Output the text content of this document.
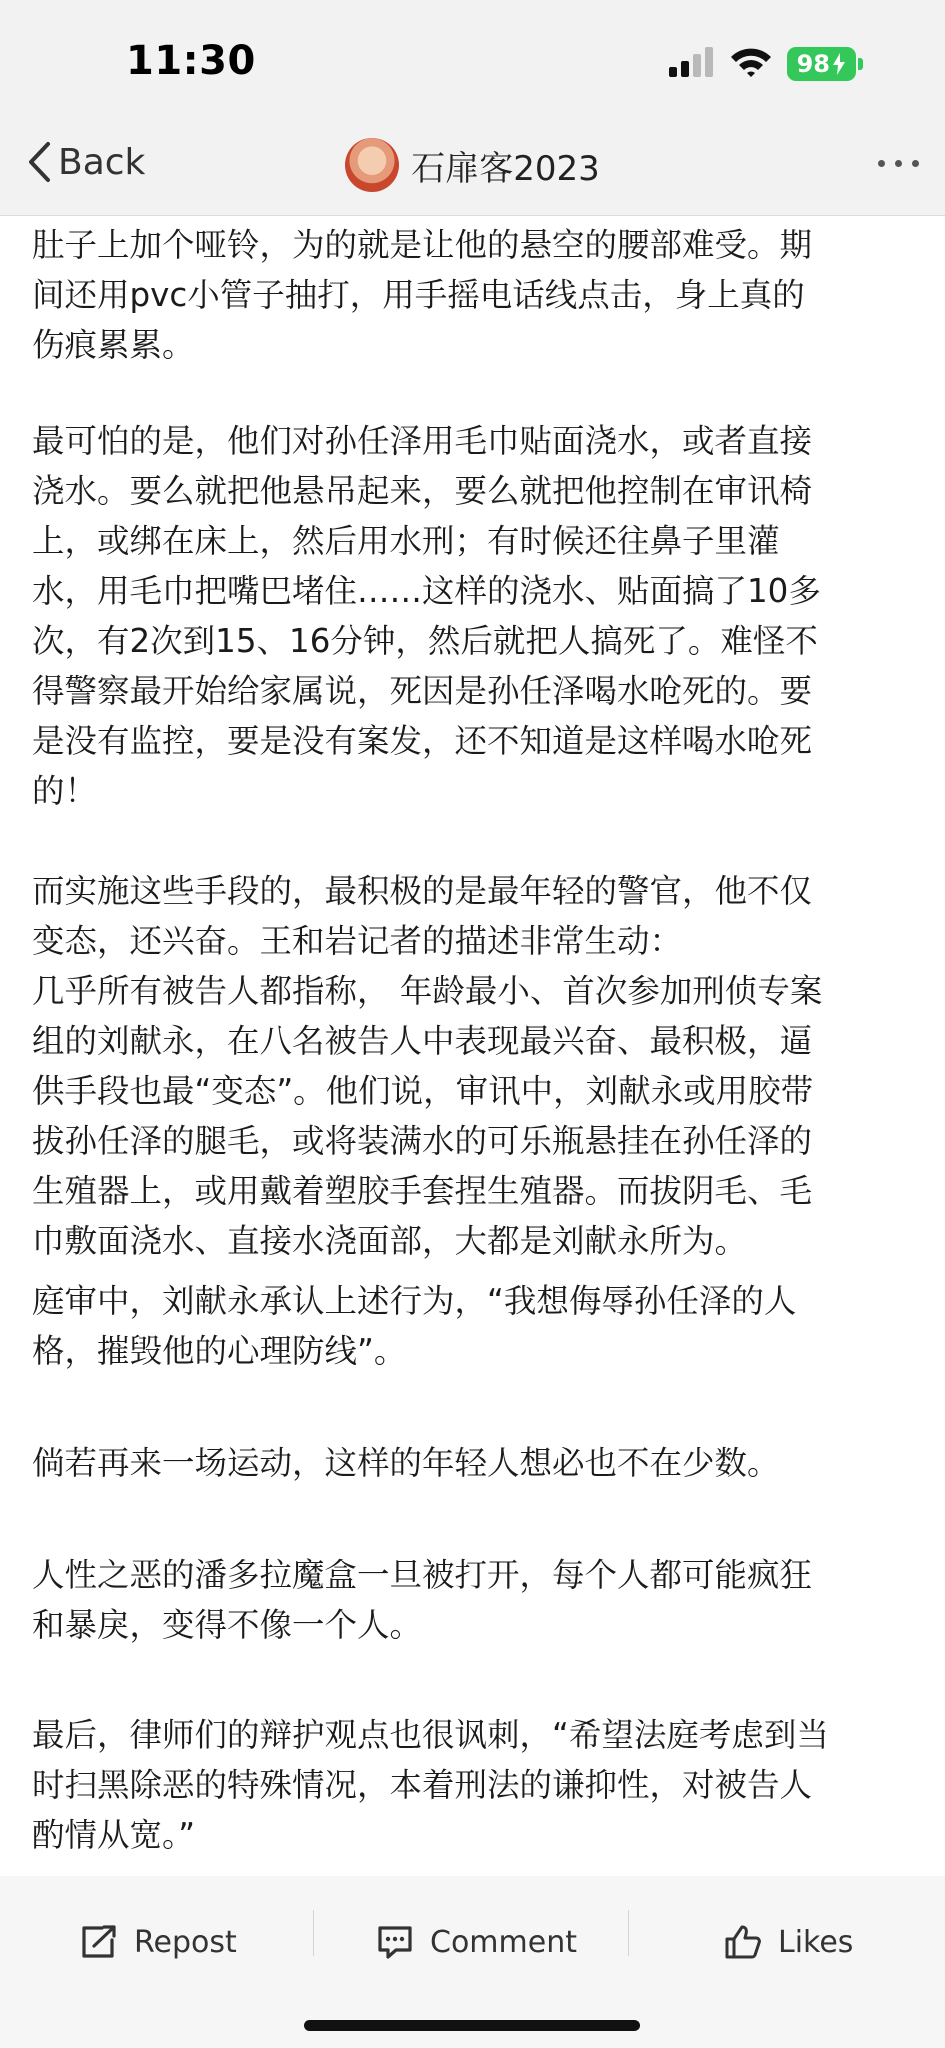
11:30	98
Back	石扉客2023

肚子上加个哑铃，为的就是让他的悬空的腰部难受。期
间还用pvc小管子抽打，用手摇电话线点击，身上真的
伤痕累累。

最可怕的是，他们对孙任泽用毛巾贴面浇水，或者直接
浇水。要么就把他悬吊起来，要么就把他控制在审讯椅
上，或绑在床上，然后用水刑；有时候还往鼻子里灌
水，用毛巾把嘴巴堵住……这样的浇水、贴面搞了10多
次，有2次到15、16分钟，然后就把人搞死了。难怪不
得警察最开始给家属说，死因是孙任泽喝水呛死的。要
是没有监控，要是没有案发，还不知道是这样喝水呛死
的！

而实施这些手段的，最积极的是最年轻的警官，他不仅
变态，还兴奋。王和岩记者的描述非常生动：
几乎所有被告人都指称， 年龄最小、首次参加刑侦专案
组的刘献永，在八名被告人中表现最兴奋、最积极，逼
供手段也最“变态”。他们说，审讯中，刘献永或用胶带
拔孙任泽的腿毛，或将装满水的可乐瓶悬挂在孙任泽的
生殖器上，或用戴着塑胶手套捏生殖器。而拔阴毛、毛
巾敷面浇水、直接水浇面部，大都是刘献永所为。

庭审中，刘献永承认上述行为，“我想侮辱孙任泽的人
格，摧毁他的心理防线”。

倘若再来一场运动，这样的年轻人想必也不在少数。

人性之恶的潘多拉魔盒一旦被打开，每个人都可能疯狂
和暴戾，变得不像一个人。

最后，律师们的辩护观点也很讽刺，“希望法庭考虑到当
时扫黑除恶的特殊情况，本着刑法的谦抑性，对被告人
酌情从宽。”

Repost	Comment	Likes
